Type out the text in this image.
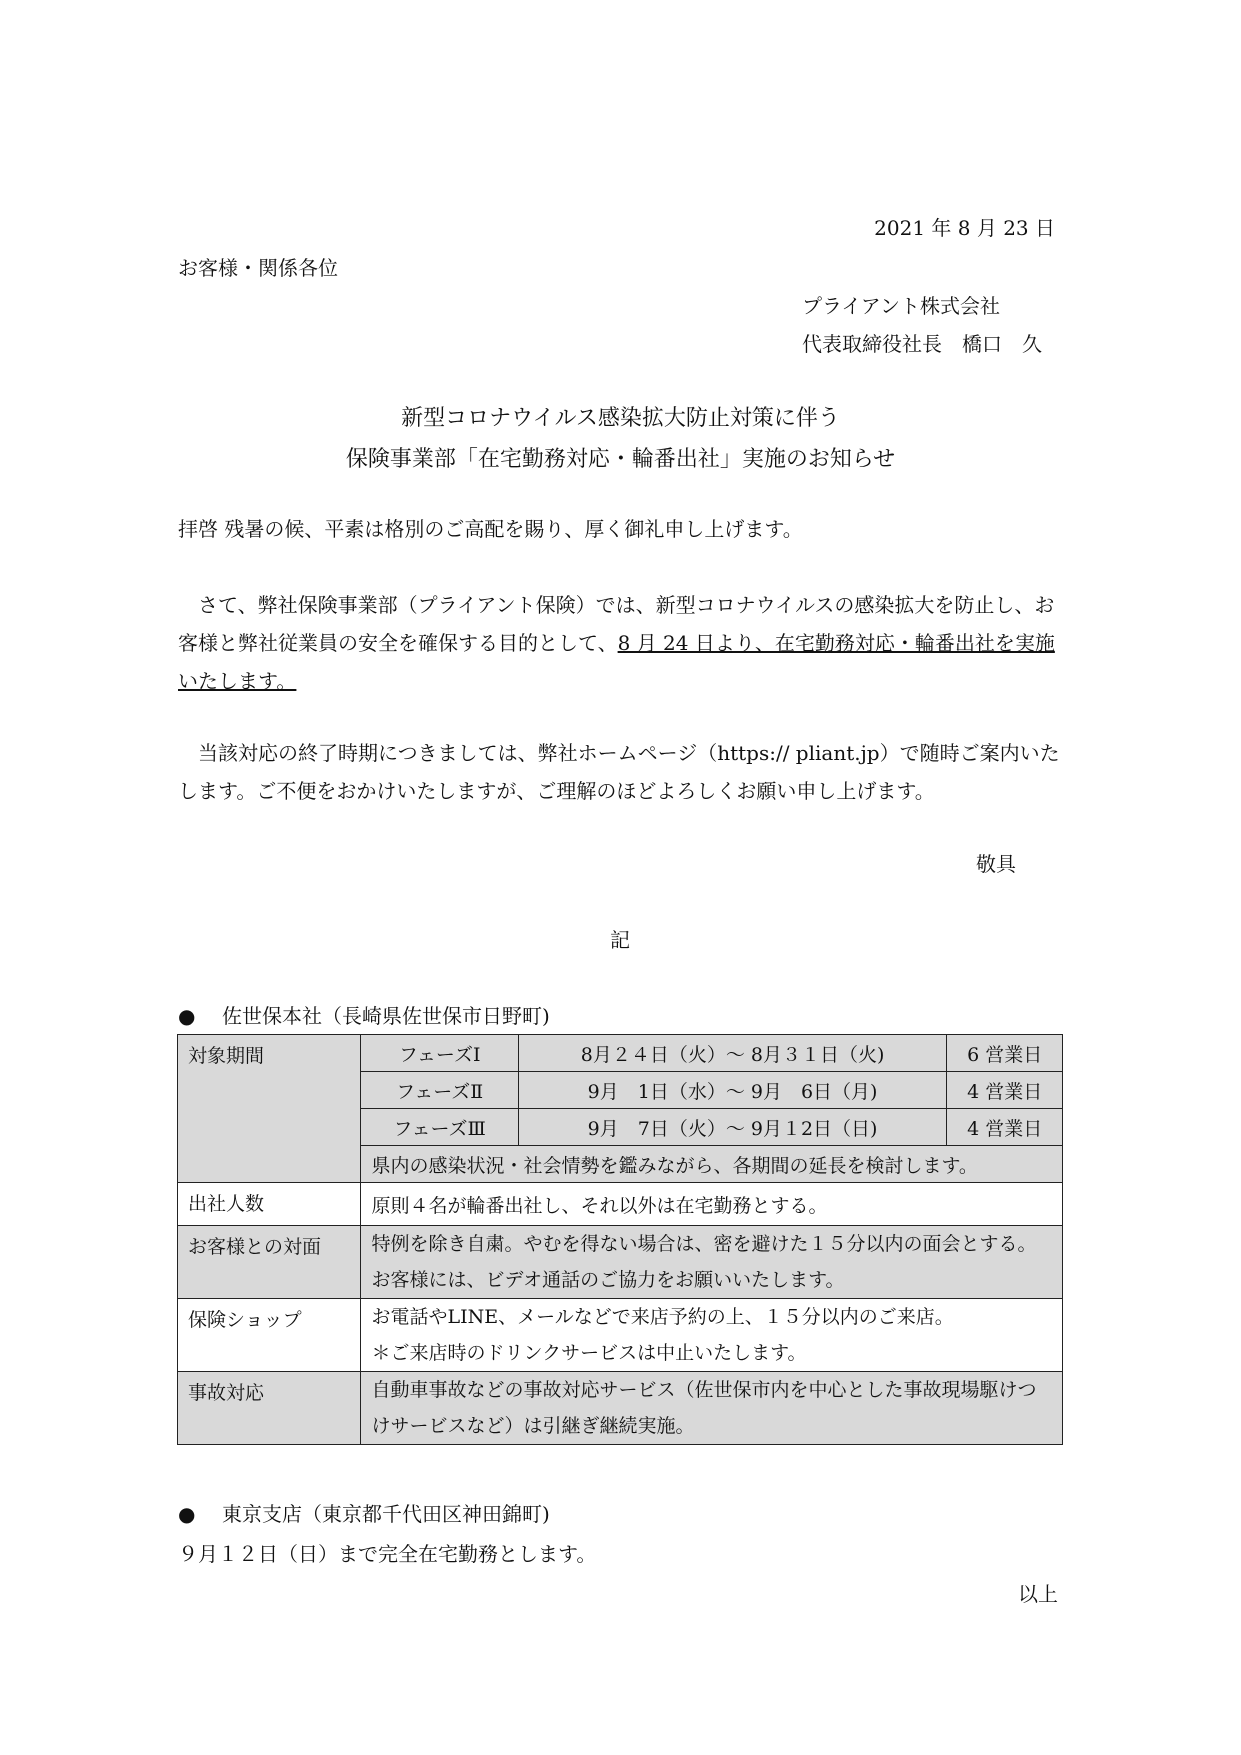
2021 年 8 月 23 日
お客様・関係各位
プライアント株式会社
代表取締役社長　橋口　久
新型コロナウイルス感染拡大防止対策に伴う
保険事業部「在宅勤務対応・輪番出社」実施のお知らせ
拝啓 残暑の候、平素は格別のご高配を賜り、厚く御礼申し上げます。
　さて、弊社保険事業部（プライアント保険）では、新型コロナウイルスの感染拡大を防止し、お客様と弊社従業員の安全を確保する目的として、8 月 24 日より、在宅勤務対応・輪番出社を実施いたします。
　当該対応の終了時期につきましては、弊社ホームページ（https:// pliant.jp）で随時ご案内いたします。ご不便をおかけいたしますが、ご理解のほどよろしくお願い申し上げます。
敬具
記
● 佐世保本社（長崎県佐世保市日野町)
対象期間	フェーズⅠ	8月２４日（火）～ 8月３１日（火)	6 営業日
	フェーズⅡ	9月　1日（水）～ 9月　6日（月)	4 営業日
	フェーズⅢ	9月　7日（火）～ 9月１2日（日)	4 営業日
	県内の感染状況・社会情勢を鑑みながら、各期間の延長を検討します。		
出社人数	原則４名が輪番出社し、それ以外は在宅勤務とする。		
お客様との対面	特例を除き自粛。やむを得ない場合は、密を避けた１５分以内の面会とする。お客様には、ビデオ通話のご協力をお願いいたします。		
保険ショップ	お電話やLINE、メールなどで来店予約の上、１５分以内のご来店。
＊ご来店時のドリンクサービスは中止いたします。		

事故対応	自動車事故などの事故対応サービス（佐世保市内を中心とした事故現場駆けつけサービスなど）は引継ぎ継続実施。		
● 東京支店（東京都千代田区神田錦町)
９月１２日（日）まで完全在宅勤務とします。
以上
